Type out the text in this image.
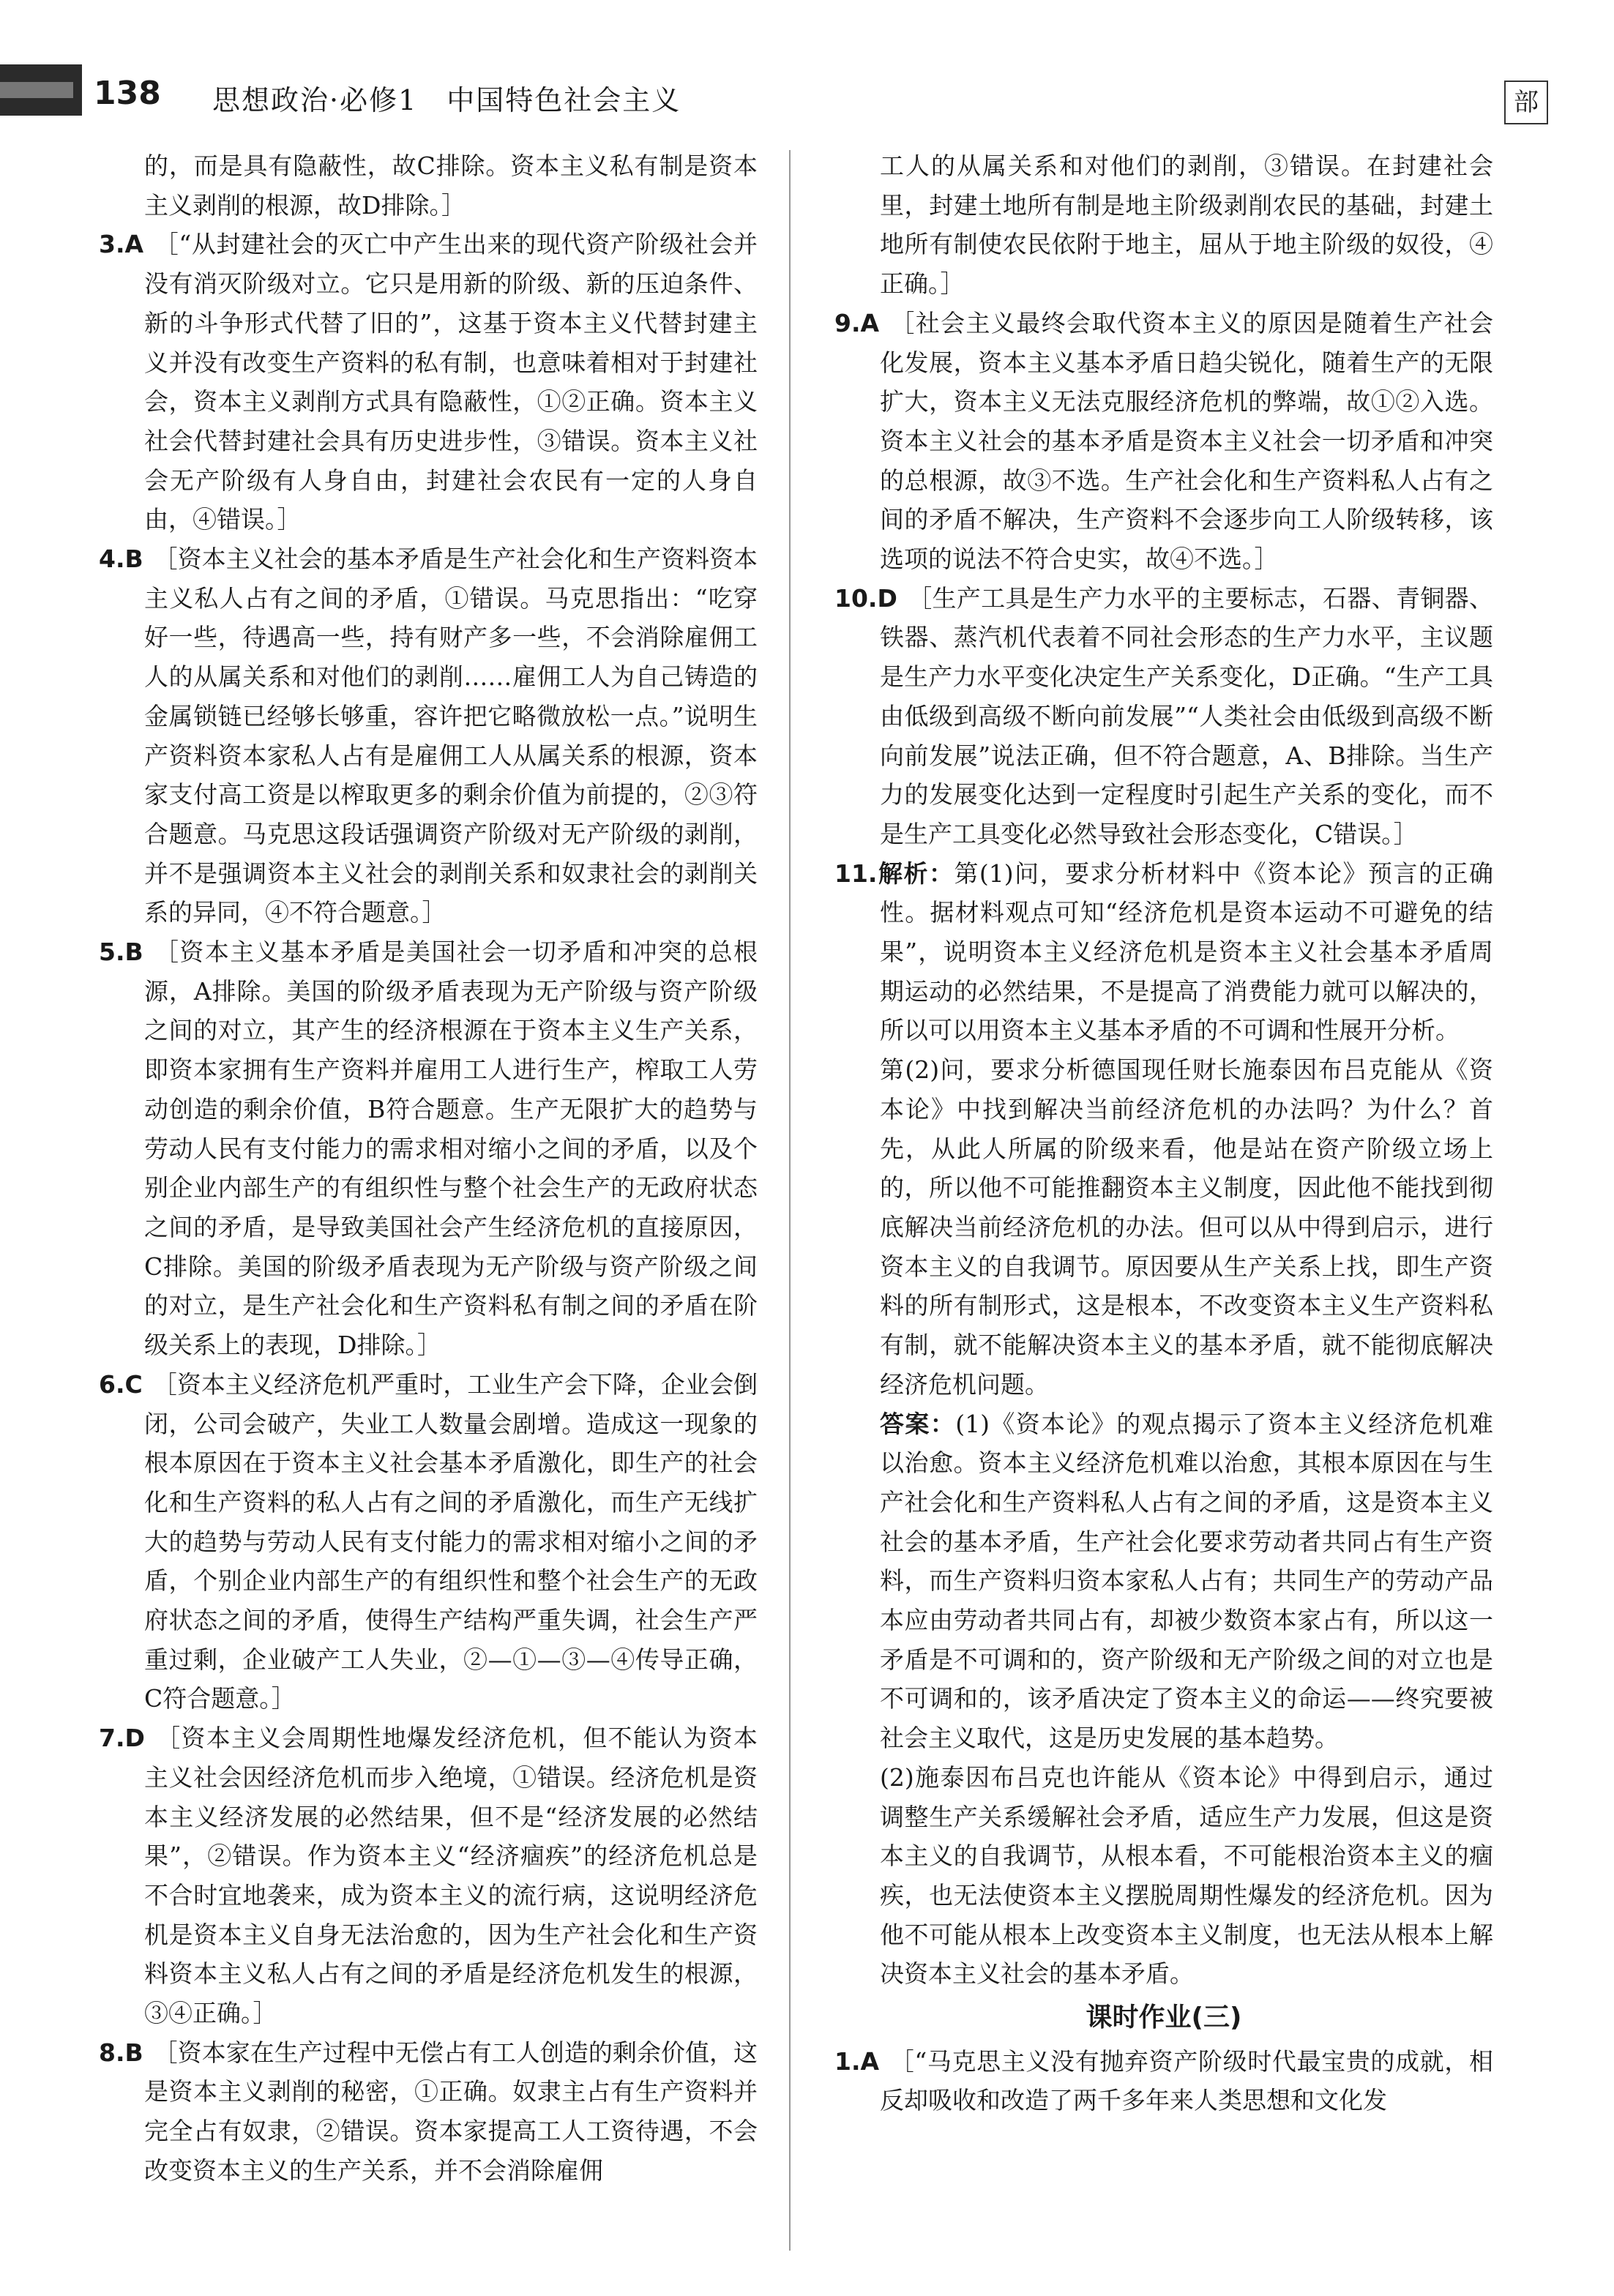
138 思想政治·必修1　中国特色社会主义	部

的，而是具有隐蔽性，故C排除。资本主义私有制是资本主义剥削的根源，故D排除。］

3.A ［“从封建社会的灭亡中产生出来的现代资产阶级社会并没有消灭阶级对立。它只是用新的阶级、新的压迫条件、新的斗争形式代替了旧的”，这基于资本主义代替封建主义并没有改变生产资料的私有制，也意味着相对于封建社会，资本主义剥削方式具有隐蔽性，①②正确。资本主义社会代替封建社会具有历史进步性，③错误。资本主义社会无产阶级有人身自由，封建社会农民有一定的人身自由，④错误。］

4.B ［资本主义社会的基本矛盾是生产社会化和生产资料资本主义私人占有之间的矛盾，①错误。马克思指出：“吃穿好一些，待遇高一些，持有财产多一些，不会消除雇佣工人的从属关系和对他们的剥削……雇佣工人为自己铸造的金属锁链已经够长够重，容许把它略微放松一点。”说明生产资料资本家私人占有是雇佣工人从属关系的根源，资本家支付高工资是以榨取更多的剩余价值为前提的，②③符合题意。马克思这段话强调资产阶级对无产阶级的剥削，并不是强调资本主义社会的剥削关系和奴隶社会的剥削关系的异同，④不符合题意。］

5.B ［资本主义基本矛盾是美国社会一切矛盾和冲突的总根源，A排除。美国的阶级矛盾表现为无产阶级与资产阶级之间的对立，其产生的经济根源在于资本主义生产关系，即资本家拥有生产资料并雇用工人进行生产，榨取工人劳动创造的剩余价值，B符合题意。生产无限扩大的趋势与劳动人民有支付能力的需求相对缩小之间的矛盾，以及个别企业内部生产的有组织性与整个社会生产的无政府状态之间的矛盾，是导致美国社会产生经济危机的直接原因，C排除。美国的阶级矛盾表现为无产阶级与资产阶级之间的对立，是生产社会化和生产资料私有制之间的矛盾在阶级关系上的表现，D排除。］

6.C ［资本主义经济危机严重时，工业生产会下降，企业会倒闭，公司会破产，失业工人数量会剧增。造成这一现象的根本原因在于资本主义社会基本矛盾激化，即生产的社会化和生产资料的私人占有之间的矛盾激化，而生产无线扩大的趋势与劳动人民有支付能力的需求相对缩小之间的矛盾，个别企业内部生产的有组织性和整个社会生产的无政府状态之间的矛盾，使得生产结构严重失调，社会生产严重过剩，企业破产工人失业，②—①—③—④传导正确，C符合题意。］

7.D ［资本主义会周期性地爆发经济危机，但不能认为资本主义社会因经济危机而步入绝境，①错误。经济危机是资本主义经济发展的必然结果，但不是“经济发展的必然结果”，②错误。作为资本主义“经济痼疾”的经济危机总是不合时宜地袭来，成为资本主义的流行病，这说明经济危机是资本主义自身无法治愈的，因为生产社会化和生产资料资本主义私人占有之间的矛盾是经济危机发生的根源，③④正确。］

8.B ［资本家在生产过程中无偿占有工人创造的剩余价值，这是资本主义剥削的秘密，①正确。奴隶主占有生产资料并完全占有奴隶，②错误。资本家提高工人工资待遇，不会改变资本主义的生产关系，并不会消除雇佣

工人的从属关系和对他们的剥削，③错误。在封建社会里，封建土地所有制是地主阶级剥削农民的基础，封建土地所有制使农民依附于地主，屈从于地主阶级的奴役，④正确。］

9.A ［社会主义最终会取代资本主义的原因是随着生产社会化发展，资本主义基本矛盾日趋尖锐化，随着生产的无限扩大，资本主义无法克服经济危机的弊端，故①②入选。资本主义社会的基本矛盾是资本主义社会一切矛盾和冲突的总根源，故③不选。生产社会化和生产资料私人占有之间的矛盾不解决，生产资料不会逐步向工人阶级转移，该选项的说法不符合史实，故④不选。］

10.D ［生产工具是生产力水平的主要标志，石器、青铜器、铁器、蒸汽机代表着不同社会形态的生产力水平，主议题是生产力水平变化决定生产关系变化，D正确。“生产工具由低级到高级不断向前发展”“人类社会由低级到高级不断向前发展”说法正确，但不符合题意，A、B排除。当生产力的发展变化达到一定程度时引起生产关系的变化，而不是生产工具变化必然导致社会形态变化，C错误。］

11.解析：第(1)问，要求分析材料中《资本论》预言的正确性。据材料观点可知“经济危机是资本运动不可避免的结果”，说明资本主义经济危机是资本主义社会基本矛盾周期运动的必然结果，不是提高了消费能力就可以解决的，所以可以用资本主义基本矛盾的不可调和性展开分析。

第(2)问，要求分析德国现任财长施泰因布吕克能从《资本论》中找到解决当前经济危机的办法吗？为什么？首先，从此人所属的阶级来看，他是站在资产阶级立场上的，所以他不可能推翻资本主义制度，因此他不能找到彻底解决当前经济危机的办法。但可以从中得到启示，进行资本主义的自我调节。原因要从生产关系上找，即生产资料的所有制形式，这是根本，不改变资本主义生产资料私有制，就不能解决资本主义的基本矛盾，就不能彻底解决经济危机问题。

答案：(1)《资本论》的观点揭示了资本主义经济危机难以治愈。资本主义经济危机难以治愈，其根本原因在与生产社会化和生产资料私人占有之间的矛盾，这是资本主义社会的基本矛盾，生产社会化要求劳动者共同占有生产资料，而生产资料归资本家私人占有；共同生产的劳动产品本应由劳动者共同占有，却被少数资本家占有，所以这一矛盾是不可调和的，资产阶级和无产阶级之间的对立也是不可调和的，该矛盾决定了资本主义的命运——终究要被社会主义取代，这是历史发展的基本趋势。

(2)施泰因布吕克也许能从《资本论》中得到启示，通过调整生产关系缓解社会矛盾，适应生产力发展，但这是资本主义的自我调节，从根本看，不可能根治资本主义的痼疾，也无法使资本主义摆脱周期性爆发的经济危机。因为他不可能从根本上改变资本主义制度，也无法从根本上解决资本主义社会的基本矛盾。

课时作业(三)

1.A ［“马克思主义没有抛弃资产阶级时代最宝贵的成就，相反却吸收和改造了两千多年来人类思想和文化发
